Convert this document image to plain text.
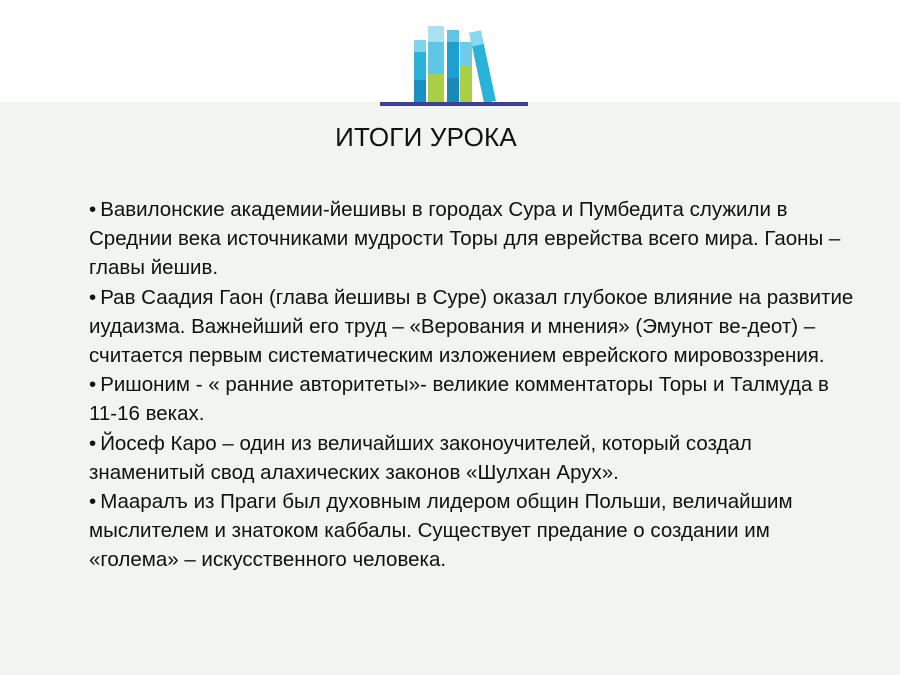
ИТОГИ УРОКА
• Вавилонские академии-йешивы в городах Сура и Пумбедита служили в Среднии века источниками мудрости Торы для еврейства всего мира. Гаоны – главы йешив.
• Рав Саадия Гаон (глава йешивы в Суре) оказал глубокое влияние на развитие иудаизма. Важнейший его труд – «Верования и мнения» (Эмунот ве-деот) –считается первым систематическим изложением еврейского мировоззрения.
• Ришоним - « ранние авторитеты»- великие комментаторы Торы и Талмуда в 11-16 веках.
• Йосеф Каро – один из величайших законоучителей, который создал знаменитый свод алахических законов «Шулхан Арух».
• Мааралъ из Праги был духовным лидером общин Польши, величайшим мыслителем и знатоком каббалы. Существует предание о создании им «голема» – искусственного человека.
